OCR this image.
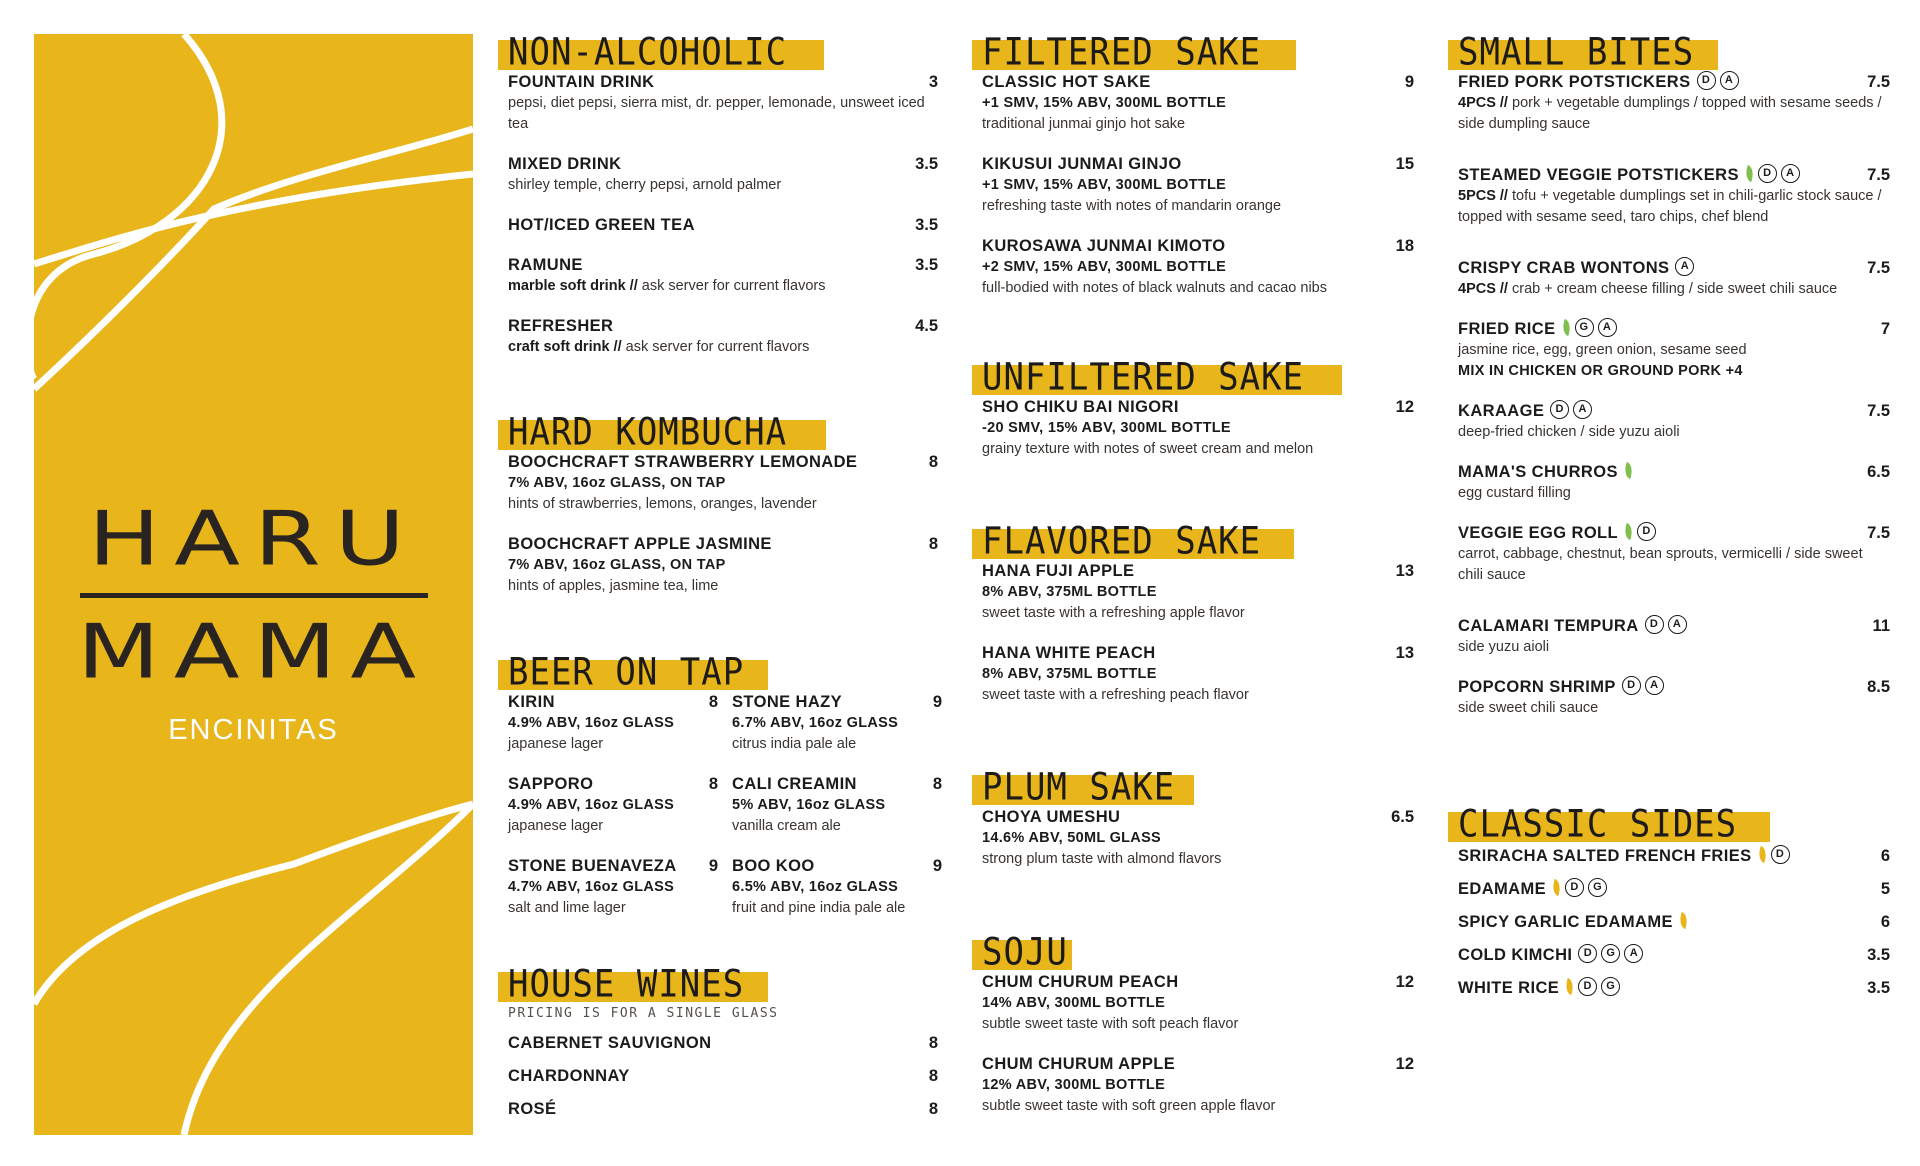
HARU
MAMA
ENCINITAS
NON-ALCOHOLIC
FOUNTAIN DRINK	3
pepsi, diet pepsi, sierra mist, dr. pepper, lemonade, unsweet iced tea
MIXED DRINK	3.5
shirley temple, cherry pepsi, arnold palmer
HOT/ICED GREEN TEA	3.5
RAMUNE	3.5
marble soft drink // ask server for current flavors
REFRESHER	4.5
craft soft drink // ask server for current flavors
HARD KOMBUCHA
BOOCHCRAFT STRAWBERRY LEMONADE	8
7% ABV, 16oz GLASS, ON TAP
hints of strawberries, lemons, oranges, lavender
BOOCHCRAFT APPLE JASMINE	8
7% ABV, 16oz GLASS, ON TAP
hints of apples, jasmine tea, lime
BEER ON TAP
KIRIN	8
4.9% ABV, 16oz GLASS
japanese lager
STONE HAZY	9
6.7% ABV, 16oz GLASS
citrus india pale ale
SAPPORO	8
4.9% ABV, 16oz GLASS
japanese lager
CALI CREAMIN	8
5% ABV, 16oz GLASS
vanilla cream ale
STONE BUENAVEZA	9
4.7% ABV, 16oz GLASS
salt and lime lager
BOO KOO	9
6.5% ABV, 16oz GLASS
fruit and pine india pale ale
HOUSE WINES
PRICING IS FOR A SINGLE GLASS
CABERNET SAUVIGNON	8
CHARDONNAY	8
ROSÉ	8
FILTERED SAKE
CLASSIC HOT SAKE	9
+1 SMV, 15% ABV, 300ML BOTTLE
traditional junmai ginjo hot sake
KIKUSUI JUNMAI GINJO	15
+1 SMV, 15% ABV, 300ML BOTTLE
refreshing taste with notes of mandarin orange
KUROSAWA JUNMAI KIMOTO	18
+2 SMV, 15% ABV, 300ML BOTTLE
full-bodied with notes of black walnuts and cacao nibs
UNFILTERED SAKE
SHO CHIKU BAI NIGORI	12
-20 SMV, 15% ABV, 300ML BOTTLE
grainy texture with notes of sweet cream and melon
FLAVORED SAKE
HANA FUJI APPLE	13
8% ABV, 375ML BOTTLE
sweet taste with a refreshing apple flavor
HANA WHITE PEACH	13
8% ABV, 375ML BOTTLE
sweet taste with a refreshing peach flavor
PLUM SAKE
CHOYA UMESHU	6.5
14.6% ABV, 50ML GLASS
strong plum taste with almond flavors
SOJU
CHUM CHURUM PEACH	12
14% ABV, 300ML BOTTLE
subtle sweet taste with soft peach flavor
CHUM CHURUM APPLE	12
12% ABV, 300ML BOTTLE
subtle sweet taste with soft green apple flavor
SMALL BITES
FRIED PORK POTSTICKERS	D	A	7.5
4PCS // pork + vegetable dumplings / topped with sesame seeds / side dumpling sauce
STEAMED VEGGIE POTSTICKERS	D	A	7.5
5PCS // tofu + vegetable dumplings set in chili-garlic stock sauce / topped with sesame seed, taro chips, chef blend
CRISPY CRAB WONTONS	A	7.5
4PCS // crab + cream cheese filling / side sweet chili sauce
FRIED RICE	G	A	7
jasmine rice, egg, green onion, sesame seed
MIX IN CHICKEN OR GROUND PORK +4
KARAAGE	D	A	7.5
deep-fried chicken / side yuzu aioli
MAMA'S CHURROS	6.5
egg custard filling
VEGGIE EGG ROLL	D	7.5
carrot, cabbage, chestnut, bean sprouts, vermicelli / side sweet chili sauce
CALAMARI TEMPURA	D	A	11
side yuzu aioli
POPCORN SHRIMP	D	A	8.5
side sweet chili sauce
CLASSIC SIDES
SRIRACHA SALTED FRENCH FRIES	D	6
EDAMAME	D	G	5
SPICY GARLIC EDAMAME	6
COLD KIMCHI	D	G	A	3.5
WHITE RICE	D	G	3.5
